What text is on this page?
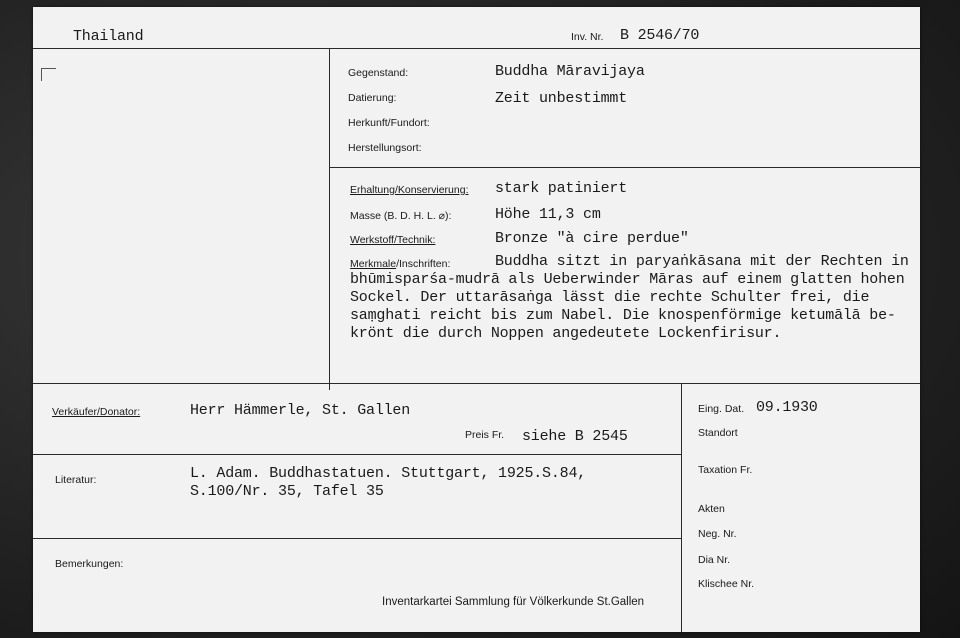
Thailand	Inv. Nr. B 2546/70
Gegenstand:	Buddha Māravijaya
Datierung:	Zeit unbestimmt
Herkunft/Fundort:
Herstellungsort:
Erhaltung/Konservierung: stark patiniert
Masse (B. D. H. L. ⌀):	Höhe 11,3 cm
Werkstoff/Technik:	Bronze "à cire perdue"
Merkmale/Inschriften:	Buddha sitzt in paryaṅkāsana mit der Rechten in
bhūmisparśa-mudrā als Ueberwinder Māras auf einem glatten hohen
Sockel. Der uttarāsaṅga lässt die rechte Schulter frei, die
saṃghati reicht bis zum Nabel. Die knospenförmige ketumālā be-
krönt die durch Noppen angedeutete Lockenfirisur.
Verkäufer/Donator:	Herr Hämmerle, St. Gallen
Preis Fr. siehe B 2545
Literatur:	L. Adam. Buddhastatuen. Stuttgart, 1925.S.84,
S.100/Nr. 35, Tafel 35
Bemerkungen:
Inventarkartei Sammlung für Völkerkunde St.Gallen
Eing. Dat. 09.1930
Standort
Taxation Fr.
Akten
Neg. Nr.
Dia Nr.
Klischee Nr.
